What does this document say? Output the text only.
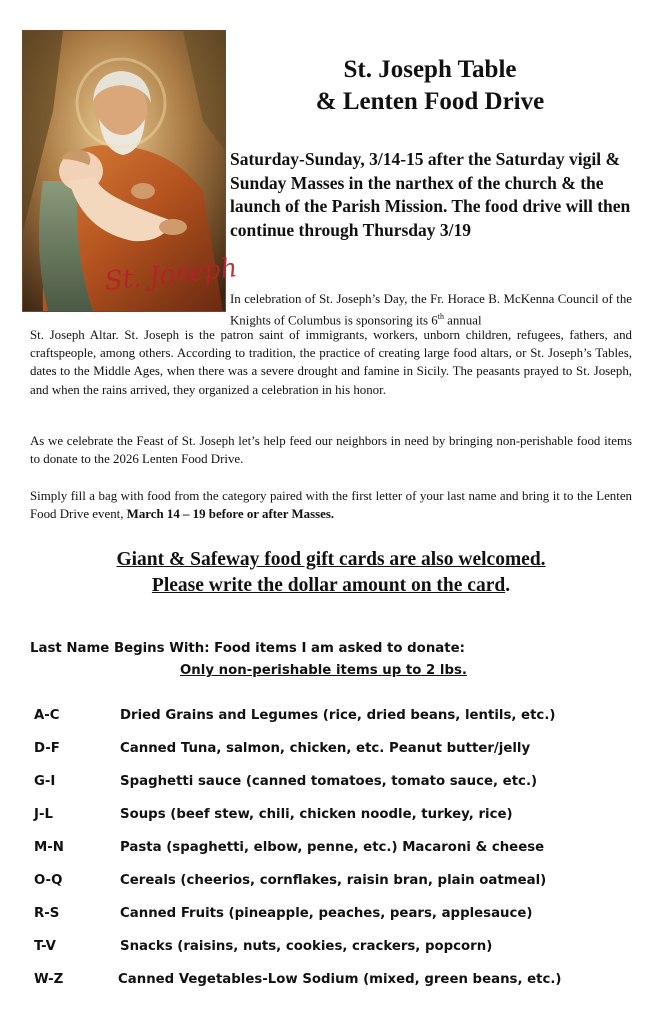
St. Joseph
St. Joseph Table
& Lenten Food Drive

Saturday-Sunday, 3/14-15 after the Saturday vigil & Sunday Masses in the narthex of the church & the launch of the Parish Mission. The food drive will then continue through Thursday 3/19

In celebration of St. Joseph’s Day, the Fr. Horace B. McKenna Council of the Knights of Columbus is sponsoring its 6th annual

St. Joseph Altar. St. Joseph is the patron saint of immigrants, workers, unborn children, refugees, fathers, and craftspeople, among others. According to tradition, the practice of creating large food altars, or St. Joseph’s Tables, dates to the Middle Ages, when there was a severe drought and famine in Sicily. The peasants prayed to St. Joseph, and when the rains arrived, they organized a celebration in his honor.

As we celebrate the Feast of St. Joseph let’s help feed our neighbors in need by bringing non-perishable food items to donate to the 2026 Lenten Food Drive.

Simply fill a bag with food from the category paired with the first letter of your last name and bring it to the Lenten Food Drive event, March 14 – 19 before or after Masses.

Giant & Safeway food gift cards are also welcomed.
Please write the dollar amount on the card.

Last Name Begins With: Food items I am asked to donate:
Only non-perishable items up to 2 lbs.

A-C	Dried Grains and Legumes (rice, dried beans, lentils, etc.)
D-F	Canned Tuna, salmon, chicken, etc. Peanut butter/jelly
G-I	Spaghetti sauce (canned tomatoes, tomato sauce, etc.)
J-L	Soups (beef stew, chili, chicken noodle, turkey, rice)
M-N	Pasta (spaghetti, elbow, penne, etc.) Macaroni & cheese
O-Q	Cereals (cheerios, cornflakes, raisin bran, plain oatmeal)
R-S	Canned Fruits (pineapple, peaches, pears, applesauce)
T-V	Snacks (raisins, nuts, cookies, crackers, popcorn)
W-Z	Canned Vegetables-Low Sodium (mixed, green beans, etc.)
